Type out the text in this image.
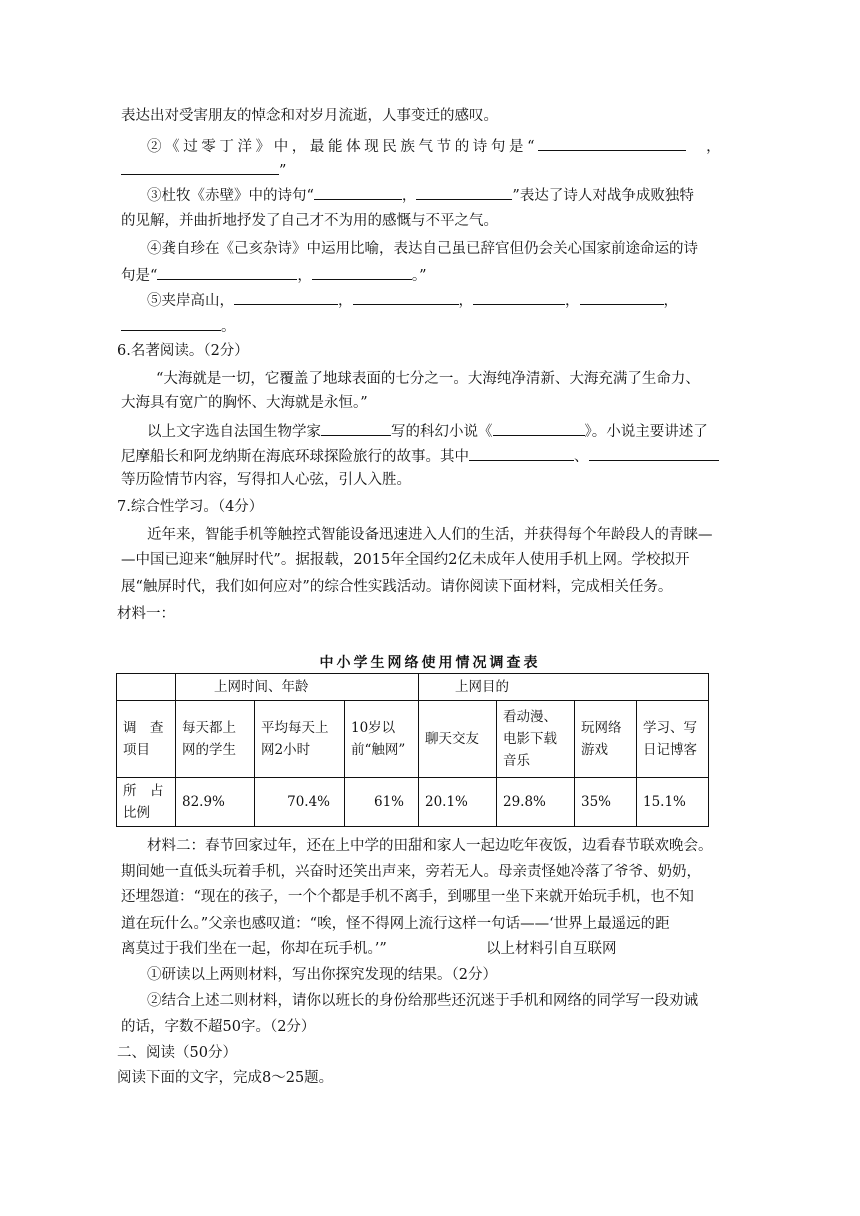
表达出对受害朋友的悼念和对岁月流逝，人事变迁的感叹。
②《过零丁洋》中，最能体现民族气节的诗句是“	，
”
③杜牧《赤壁》中的诗句“	，	”表达了诗人对战争成败独特
的见解，并曲折地抒发了自己才不为用的感慨与不平之气。
④龚自珍在《己亥杂诗》中运用比喻，表达自己虽已辞官但仍会关心国家前途命运的诗
句是“	，	。”
⑤夹岸高山，	，	，	，	，
。
6.名著阅读。（2分）
“大海就是一切，它覆盖了地球表面的七分之一。大海纯净清新、大海充满了生命力、
大海具有宽广的胸怀、大海就是永恒。”
以上文字选自法国生物学家	写的科幻小说《	》。小说主要讲述了
尼摩船长和阿龙纳斯在海底环球探险旅行的故事。其中	、
等历险情节内容，写得扣人心弦，引人入胜。
7.综合性学习。（4分）
近年来，智能手机等触控式智能设备迅速进入人们的生活，并获得每个年龄段人的青睐—
—中国已迎来“触屏时代”。据报载，2015年全国约2亿未成年人使用手机上网。学校拟开
展“触屏时代，我们如何应对”的综合性实践活动。请你阅读下面材料，完成相关任务。
材料一：
中小学生网络使用情况调查表
	上网时间、年龄			上网目的			
调　查 项目	每天都上网的学生	平均每天上网2小时	10岁以前“触网”	聊天交友	看动漫、电影下载音乐	玩网络游戏	学习、写日记博客
所　占 比例	82.9%	70.4%	61%	20.1%	29.8%	35%	15.1%
材料二：春节回家过年，还在上中学的田甜和家人一起边吃年夜饭，边看春节联欢晚会。
期间她一直低头玩着手机，兴奋时还笑出声来，旁若无人。母亲责怪她冷落了爷爷、奶奶，
还埋怨道：“现在的孩子，一个个都是手机不离手，到哪里一坐下来就开始玩手机，也不知
道在玩什么。”父亲也感叹道：“唉，怪不得网上流行这样一句话——‘世界上最遥远的距
离莫过于我们坐在一起，你却在玩手机。’”	以上材料引自互联网
①研读以上两则材料，写出你探究发现的结果。（2分）
②结合上述二则材料，请你以班长的身份给那些还沉迷于手机和网络的同学写一段劝诫
的话，字数不超50字。（2分）
二、阅读（50分）
阅读下面的文字，完成8～25题。
